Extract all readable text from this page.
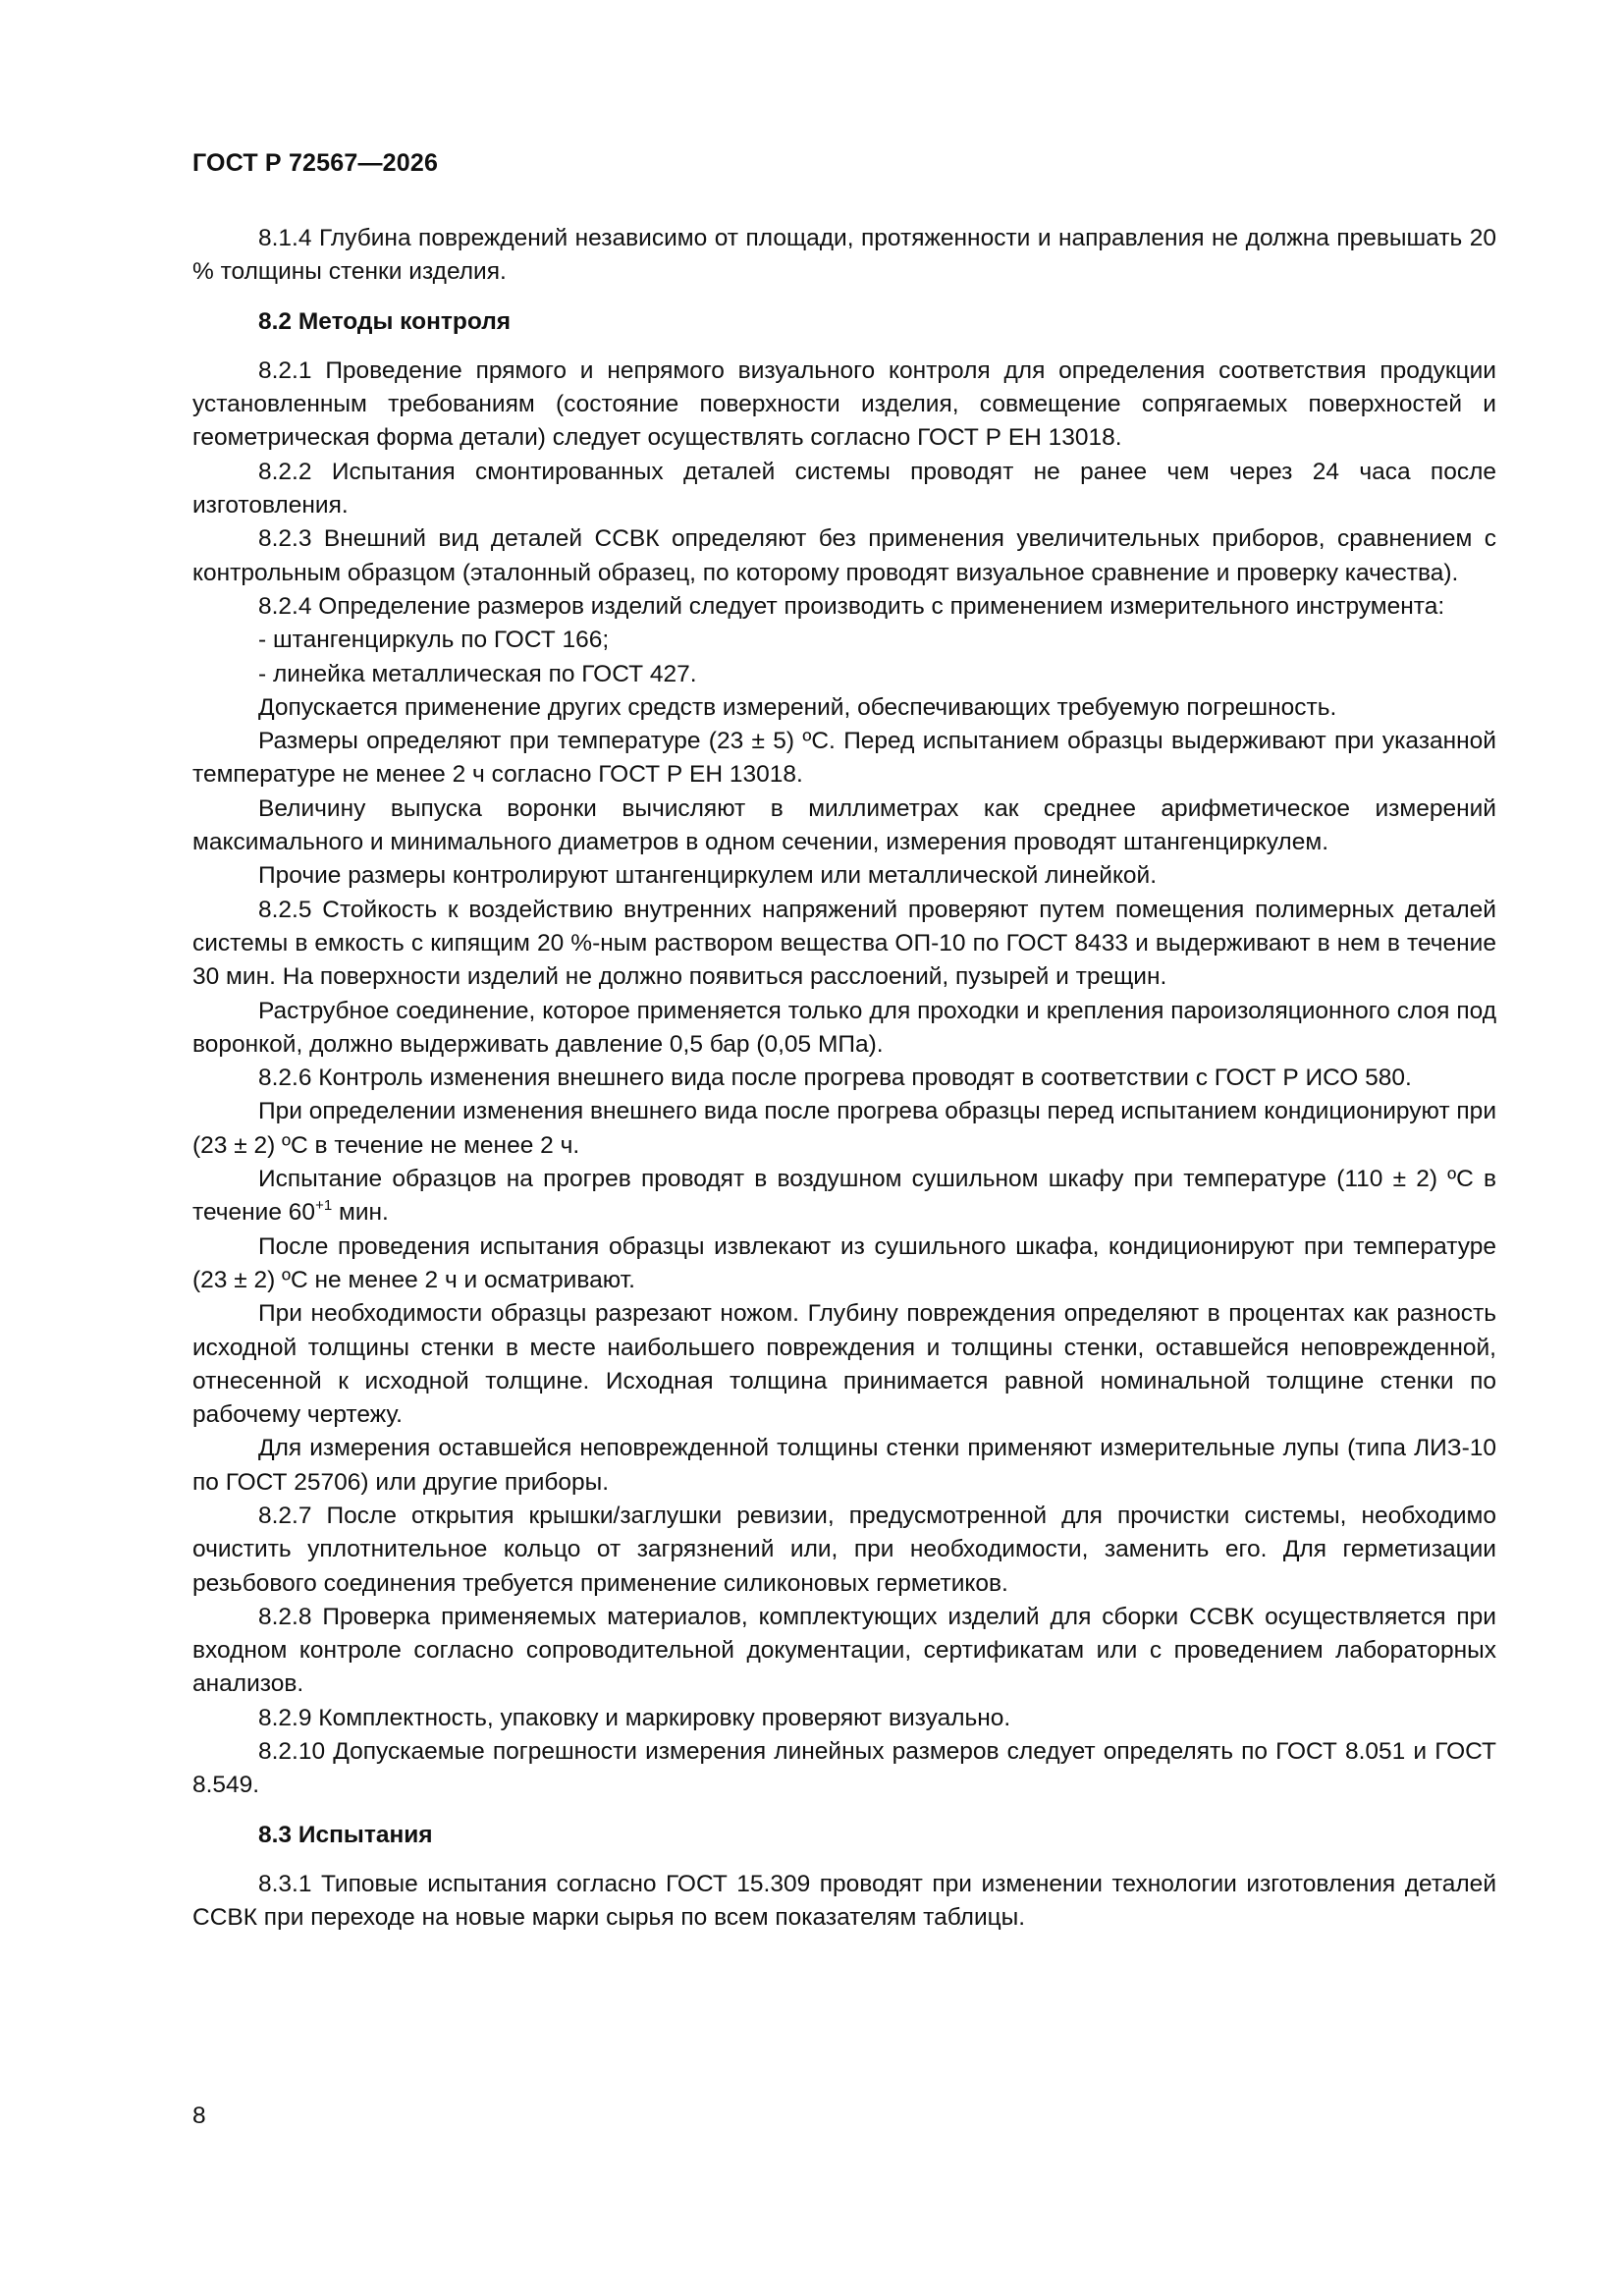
ГОСТ Р 72567—2026

8.1.4 Глубина повреждений независимо от площади, протяженности и направления не должна превышать 20 % толщины стенки изделия.

8.2 Методы контроля

8.2.1 Проведение прямого и непрямого визуального контроля для определения соответствия продукции установленным требованиям (состояние поверхности изделия, совмещение сопрягаемых поверхностей и геометрическая форма детали) следует осуществлять согласно ГОСТ Р ЕН 13018.

8.2.2 Испытания смонтированных деталей системы проводят не ранее чем через 24 часа после изготовления.

8.2.3 Внешний вид деталей ССВК определяют без применения увеличительных приборов, сравнением с контрольным образцом (эталонный образец, по которому проводят визуальное сравнение и проверку качества).

8.2.4 Определение размеров изделий следует производить с применением измерительного инструмента:

- штангенциркуль по ГОСТ 166;

- линейка металлическая по ГОСТ 427.

Допускается применение других средств измерений, обеспечивающих требуемую погрешность.

Размеры определяют при температуре (23 ± 5) ºС. Перед испытанием образцы выдерживают при указанной температуре не менее 2 ч согласно ГОСТ Р ЕН 13018.

Величину выпуска воронки вычисляют в миллиметрах как среднее арифметическое измерений максимального и минимального диаметров в одном сечении, измерения проводят штангенциркулем.

Прочие размеры контролируют штангенциркулем или металлической линейкой.

8.2.5 Стойкость к воздействию внутренних напряжений проверяют путем помещения полимерных деталей системы в емкость с кипящим 20 %-ным раствором вещества ОП-10 по ГОСТ 8433 и выдерживают в нем в течение 30 мин. На поверхности изделий не должно появиться расслоений, пузырей и трещин.

Раструбное соединение, которое применяется только для проходки и крепления пароизоляционного слоя под воронкой, должно выдерживать давление 0,5 бар (0,05 МПа).

8.2.6 Контроль изменения внешнего вида после прогрева проводят в соответствии с ГОСТ Р ИСО 580.

При определении изменения внешнего вида после прогрева образцы перед испытанием кондиционируют при (23 ± 2) ºС в течение не менее 2 ч.

Испытание образцов на прогрев проводят в воздушном сушильном шкафу при температуре (110 ± 2) ºС в течение $60^{+1}$ мин.

После проведения испытания образцы извлекают из сушильного шкафа, кондиционируют при температуре (23 ± 2) ºС не менее 2 ч и осматривают.

При необходимости образцы разрезают ножом. Глубину повреждения определяют в процентах как разность исходной толщины стенки в месте наибольшего повреждения и толщины стенки, оставшейся неповрежденной, отнесенной к исходной толщине. Исходная толщина принимается равной номинальной толщине стенки по рабочему чертежу.

Для измерения оставшейся неповрежденной толщины стенки применяют измерительные лупы (типа ЛИЗ-10 по ГОСТ 25706) или другие приборы.

8.2.7 После открытия крышки/заглушки ревизии, предусмотренной для прочистки системы, необходимо очистить уплотнительное кольцо от загрязнений или, при необходимости, заменить его. Для герметизации резьбового соединения требуется применение силиконовых герметиков.

8.2.8 Проверка применяемых материалов, комплектующих изделий для сборки ССВК осуществляется при входном контроле согласно сопроводительной документации, сертификатам или с проведением лабораторных анализов.

8.2.9 Комплектность, упаковку и маркировку проверяют визуально.

8.2.10 Допускаемые погрешности измерения линейных размеров следует определять по ГОСТ 8.051 и ГОСТ 8.549.

8.3 Испытания

8.3.1 Типовые испытания согласно ГОСТ 15.309 проводят при изменении технологии изготовления деталей ССВК при переходе на новые марки сырья по всем показателям таблицы.

8
